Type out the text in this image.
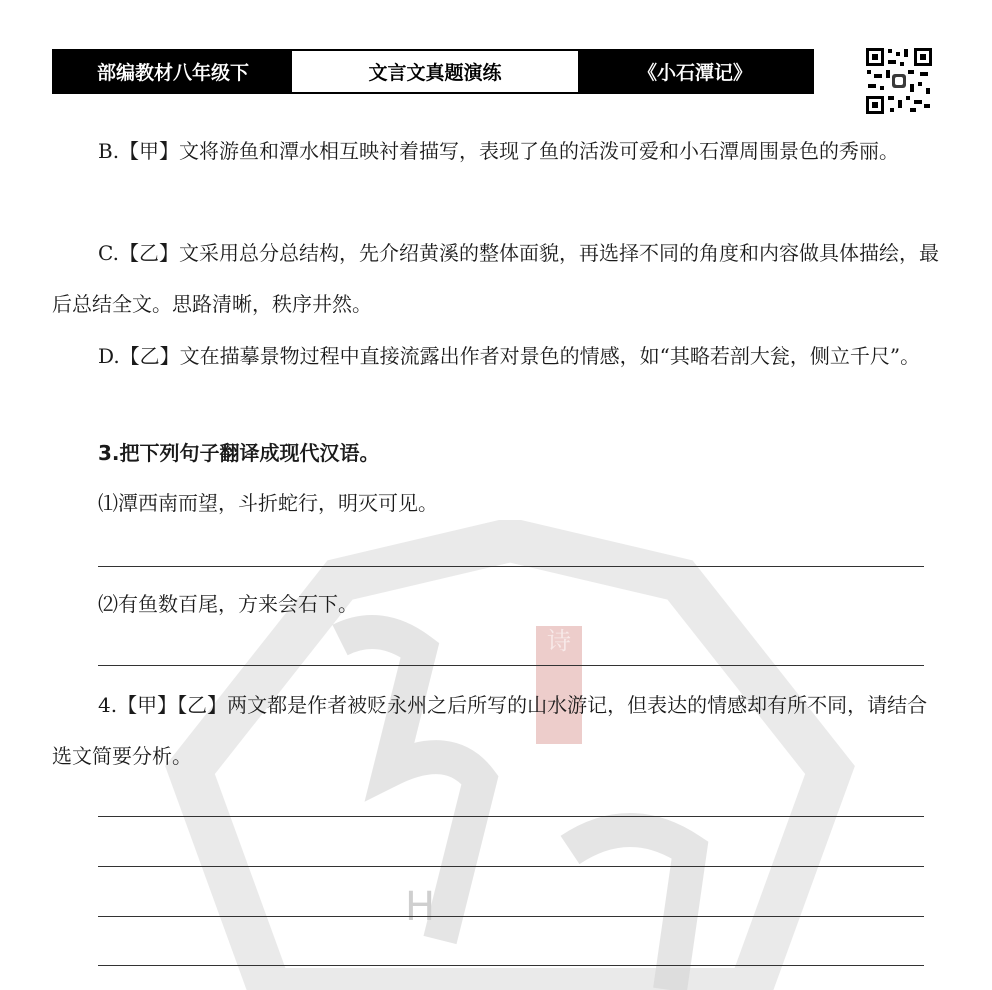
H
诗
部编教材八年级下	文言文真题演练	《小石潭记》

B.【甲】文将游鱼和潭水相互映衬着描写，表现了鱼的活泼可爱和小石潭周围景色的秀丽。

C.【乙】文采用总分总结构，先介绍黄溪的整体面貌，再选择不同的角度和内容做具体描绘，最后总结全文。思路清晰，秩序井然。

D.【乙】文在描摹景物过程中直接流露出作者对景色的情感，如“其略若剖大瓮，侧立千尺”。

3.把下列句子翻译成现代汉语。

⑴潭西南而望，斗折蛇行，明灭可见。

⑵有鱼数百尾，方来会石下。

4.【甲】【乙】两文都是作者被贬永州之后所写的山水游记，但表达的情感却有所不同，请结合选文简要分析。
